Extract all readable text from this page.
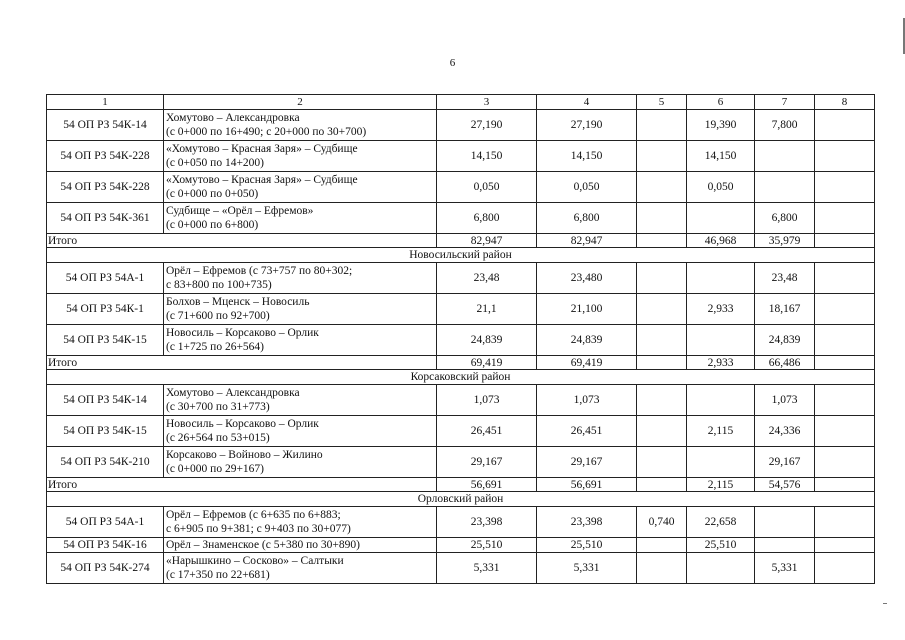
6
1	2	3	4	5	6	7	8
54 ОП РЗ 54К-14	Хомутово – Александровка
(с 0+000 по 16+490; с 20+000 по 30+700)	27,190	27,190		19,390	7,800	
54 ОП РЗ 54К-228	«Хомутово – Красная Заря» – Судбище
(с 0+050 по 14+200)	14,150	14,150		14,150		
54 ОП РЗ 54К-228	«Хомутово – Красная Заря» – Судбище
(с 0+000 по 0+050)	0,050	0,050		0,050		
54 ОП РЗ 54К-361	Судбище – «Орёл – Ефремов»
(с 0+000 по 6+800)	6,800	6,800			6,800	
Итого		82,947	82,947		46,968	35,979	
Новосильский район							
54 ОП РЗ 54А-1	Орёл – Ефремов (с 73+757 по 80+302;
с 83+800 по 100+735)	23,48	23,480			23,48	
54 ОП РЗ 54К-1	Болхов – Мценск – Новосиль
(с 71+600 по 92+700)	21,1	21,100		2,933	18,167	
54 ОП РЗ 54К-15	Новосиль – Корсаково – Орлик
(с 1+725 по 26+564)	24,839	24,839			24,839	
Итого		69,419	69,419		2,933	66,486	
Корсаковский район							
54 ОП РЗ 54К-14	Хомутово – Александровка
(с 30+700 по 31+773)	1,073	1,073			1,073	
54 ОП РЗ 54К-15	Новосиль – Корсаково – Орлик
(с 26+564 по 53+015)	26,451	26,451		2,115	24,336	
54 ОП РЗ 54К-210	Корсаково – Войново – Жилино
(с 0+000 по 29+167)	29,167	29,167			29,167	
Итого		56,691	56,691		2,115	54,576	
Орловский район							
54 ОП РЗ 54А-1	Орёл – Ефремов (с 6+635 по 6+883;
с 6+905 по 9+381; с 9+403 по 30+077)	23,398	23,398	0,740	22,658		
54 ОП РЗ 54К-16	Орёл – Знаменское (с 5+380 по 30+890)	25,510	25,510		25,510		
54 ОП РЗ 54К-274	«Нарышкино – Сосково» – Салтыки
(с 17+350 по 22+681)	5,331	5,331			5,331	
